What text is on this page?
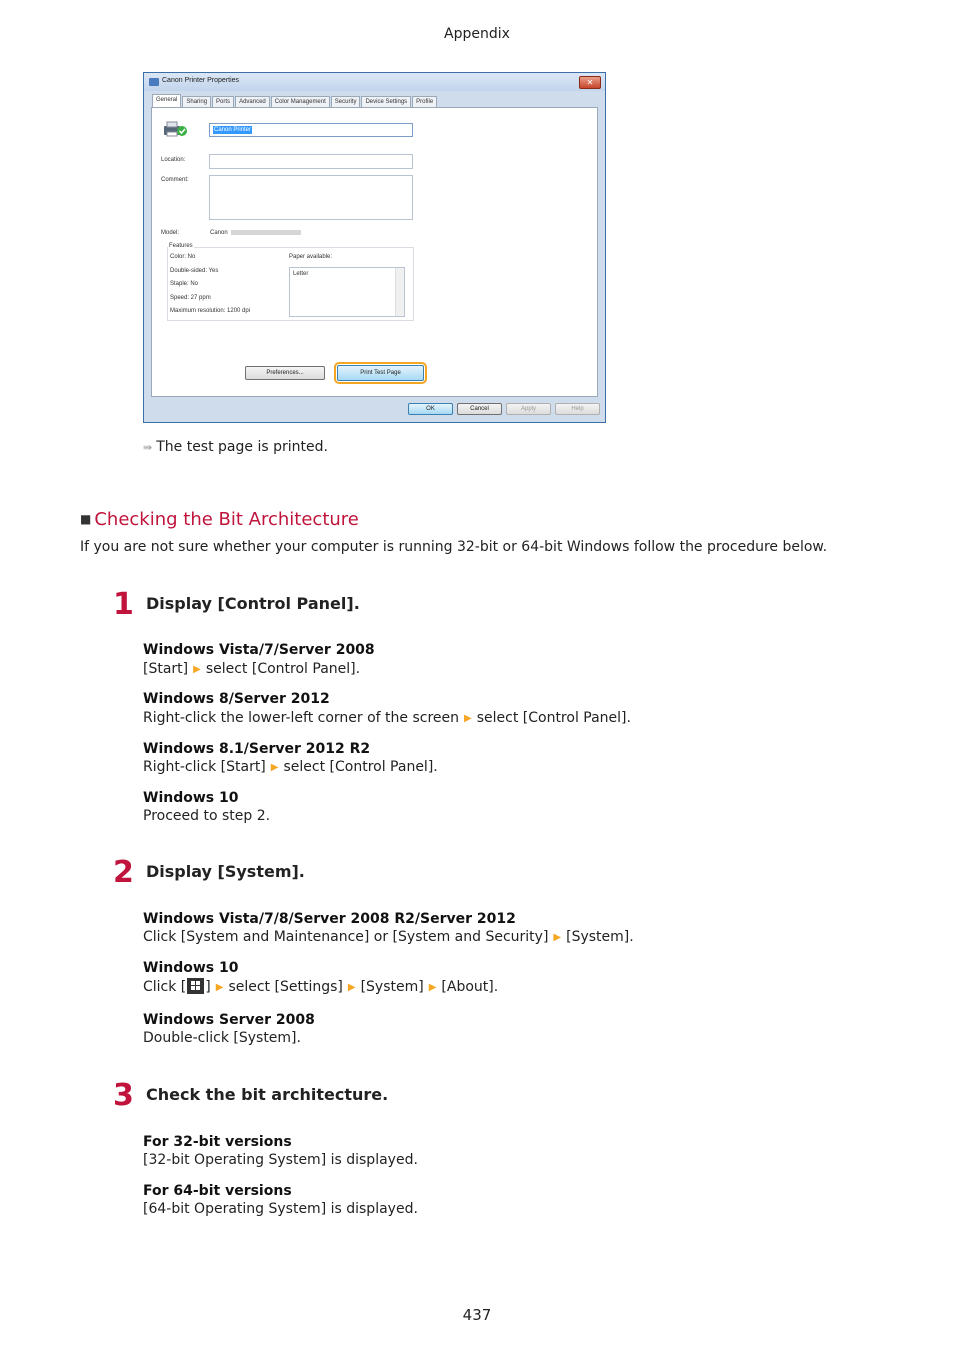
Appendix
Canon Printer Properties	✕
General	Sharing	Ports	Advanced	Color Management	Security	Device Settings	Profile
Canon Printer
Location:
Comment:
Model:	Canon
Features
Color: No
Double-sided: Yes
Staple: No
Speed: 27 ppm
Maximum resolution: 1200 dpi
Paper available:
Letter
Preferences...	Print Test Page
OK	Cancel	Apply	Help
⇛ The test page is printed.
■ Checking the Bit Architecture
If you are not sure whether your computer is running 32-bit or 64-bit Windows follow the procedure below.
1 Display [Control Panel].
Windows Vista/7/Server 2008
[Start] ▶ select [Control Panel].
Windows 8/Server 2012
Right-click the lower-left corner of the screen ▶ select [Control Panel].
Windows 8.1/Server 2012 R2
Right-click [Start] ▶ select [Control Panel].
Windows 10
Proceed to step 2.
2 Display [System].
Windows Vista/7/8/Server 2008 R2/Server 2012
Click [System and Maintenance] or [System and Security] ▶ [System].
Windows 10
Click [ ] ▶ select [Settings] ▶ [System] ▶ [About].
Windows Server 2008
Double-click [System].
3 Check the bit architecture.
For 32-bit versions
[32-bit Operating System] is displayed.
For 64-bit versions
[64-bit Operating System] is displayed.
437
